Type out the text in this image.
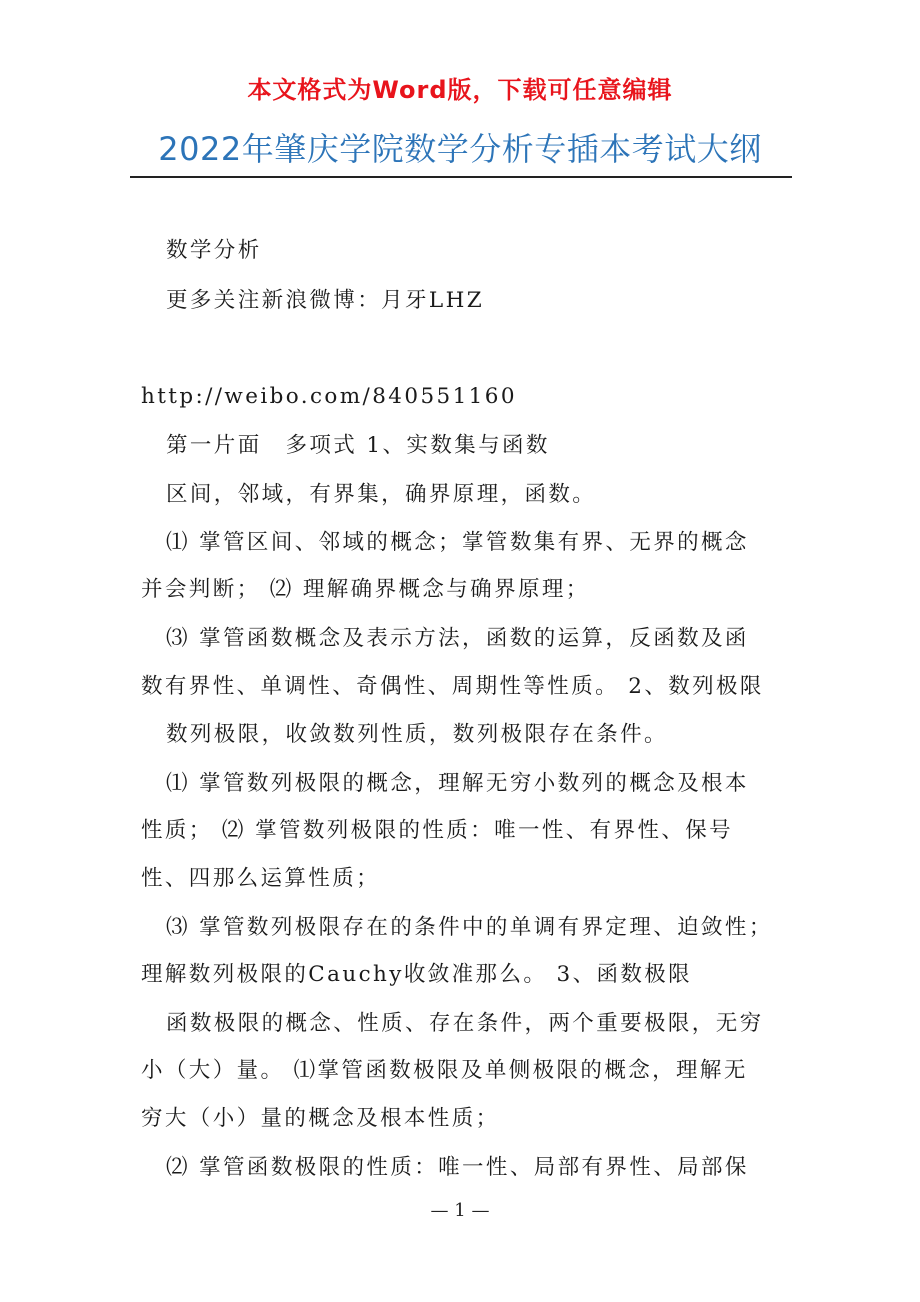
本文格式为Word版，下载可任意编辑
2022年肇庆学院数学分析专插本考试大纲
数学分析
更多关注新浪微博：月牙LHZ
http://weibo.com/840551160
第一片面　多项式 1、实数集与函数
区间，邻域，有界集，确界原理，函数。
⑴ 掌管区间、邻域的概念；掌管数集有界、无界的概念
并会判断； ⑵ 理解确界概念与确界原理；
⑶ 掌管函数概念及表示方法，函数的运算，反函数及函
数有界性、单调性、奇偶性、周期性等性质。 2、数列极限
数列极限，收敛数列性质，数列极限存在条件。
⑴ 掌管数列极限的概念，理解无穷小数列的概念及根本
性质； ⑵ 掌管数列极限的性质：唯一性、有界性、保号
性、四那么运算性质；
⑶ 掌管数列极限存在的条件中的单调有界定理、迫敛性；
理解数列极限的Cauchy收敛准那么。 3、函数极限
函数极限的概念、性质、存在条件，两个重要极限，无穷
小（大）量。 ⑴掌管函数极限及单侧极限的概念，理解无
穷大（小）量的概念及根本性质；
⑵ 掌管函数极限的性质：唯一性、局部有界性、局部保
— 1 —
